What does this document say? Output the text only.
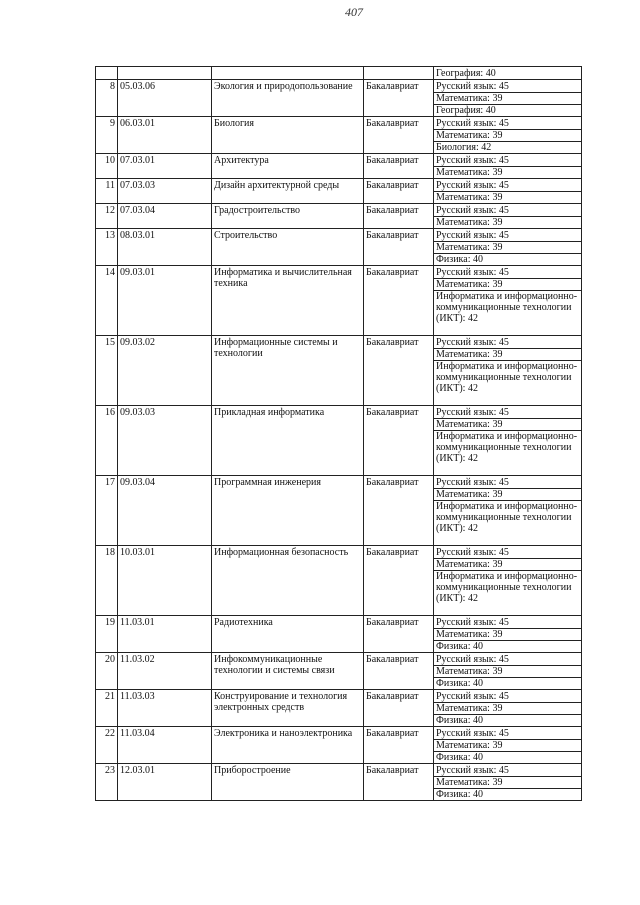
407

				География: 40

8	05.03.06	Экология и природопользование	Бакалавриат	Русский язык: 45
Математика: 39
География: 40

9	06.03.01	Биология	Бакалавриат	Русский язык: 45
Математика: 39
Биология: 42

10	07.03.01	Архитектура	Бакалавриат	Русский язык: 45
Математика: 39

11	07.03.03	Дизайн архитектурной среды	Бакалавриат	Русский язык: 45
Математика: 39

12	07.03.04	Градостроительство	Бакалавриат	Русский язык: 45
Математика: 39

13	08.03.01	Строительство	Бакалавриат	Русский язык: 45
Математика: 39
Физика: 40

14	09.03.01	Информатика и вычислительная техника	Бакалавриат	Русский язык: 45
Математика: 39
Информатика и информационно-коммуникационные технологии (ИКТ): 42

15	09.03.02	Информационные системы и технологии	Бакалавриат	Русский язык: 45
Математика: 39
Информатика и информационно-коммуникационные технологии (ИКТ): 42

16	09.03.03	Прикладная информатика	Бакалавриат	Русский язык: 45
Математика: 39
Информатика и информационно-коммуникационные технологии (ИКТ): 42

17	09.03.04	Программная инженерия	Бакалавриат	Русский язык: 45
Математика: 39
Информатика и информационно-коммуникационные технологии (ИКТ): 42

18	10.03.01	Информационная безопасность	Бакалавриат	Русский язык: 45
Математика: 39
Информатика и информационно-коммуникационные технологии (ИКТ): 42

19	11.03.01	Радиотехника	Бакалавриат	Русский язык: 45
Математика: 39
Физика: 40

20	11.03.02	Инфокоммуникационные технологии и системы связи	Бакалавриат	Русский язык: 45
Математика: 39
Физика: 40

21	11.03.03	Конструирование и технология электронных средств	Бакалавриат	Русский язык: 45
Математика: 39
Физика: 40

22	11.03.04	Электроника и наноэлектроника	Бакалавриат	Русский язык: 45
Математика: 39
Физика: 40

23	12.03.01	Приборостроение	Бакалавриат	Русский язык: 45
Математика: 39
Физика: 40
